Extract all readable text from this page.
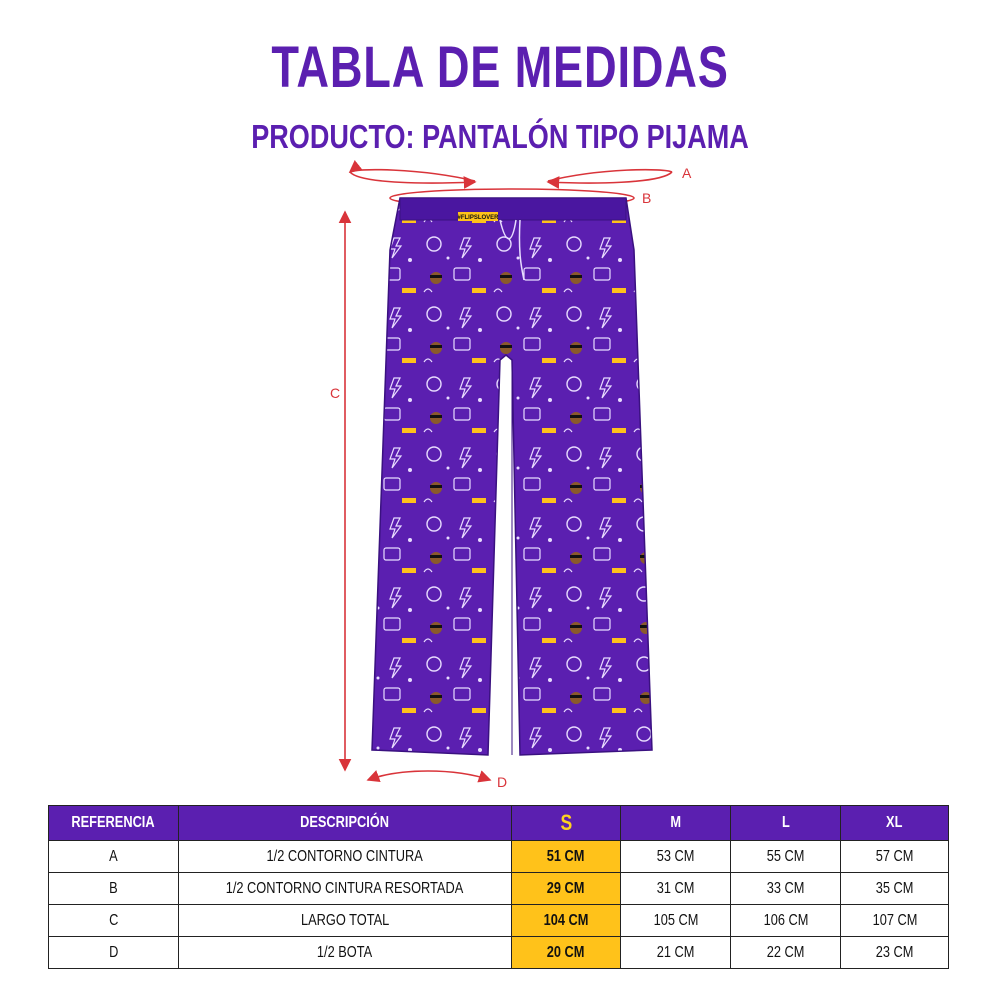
TABLA DE MEDIDAS
PRODUCTO: PANTALÓN TIPO PIJAMA
A
B
#FLIPSLOVER
C
D
REFERENCIA	DESCRIPCIÓN	S	M	L	XL
A	1/2 CONTORNO CINTURA	51 CM	53 CM	55 CM	57 CM
B	1/2 CONTORNO CINTURA RESORTADA	29 CM	31 CM	33 CM	35 CM
C	LARGO TOTAL	104 CM	105 CM	106 CM	107 CM
D	1/2 BOTA	20 CM	21 CM	22 CM	23 CM
